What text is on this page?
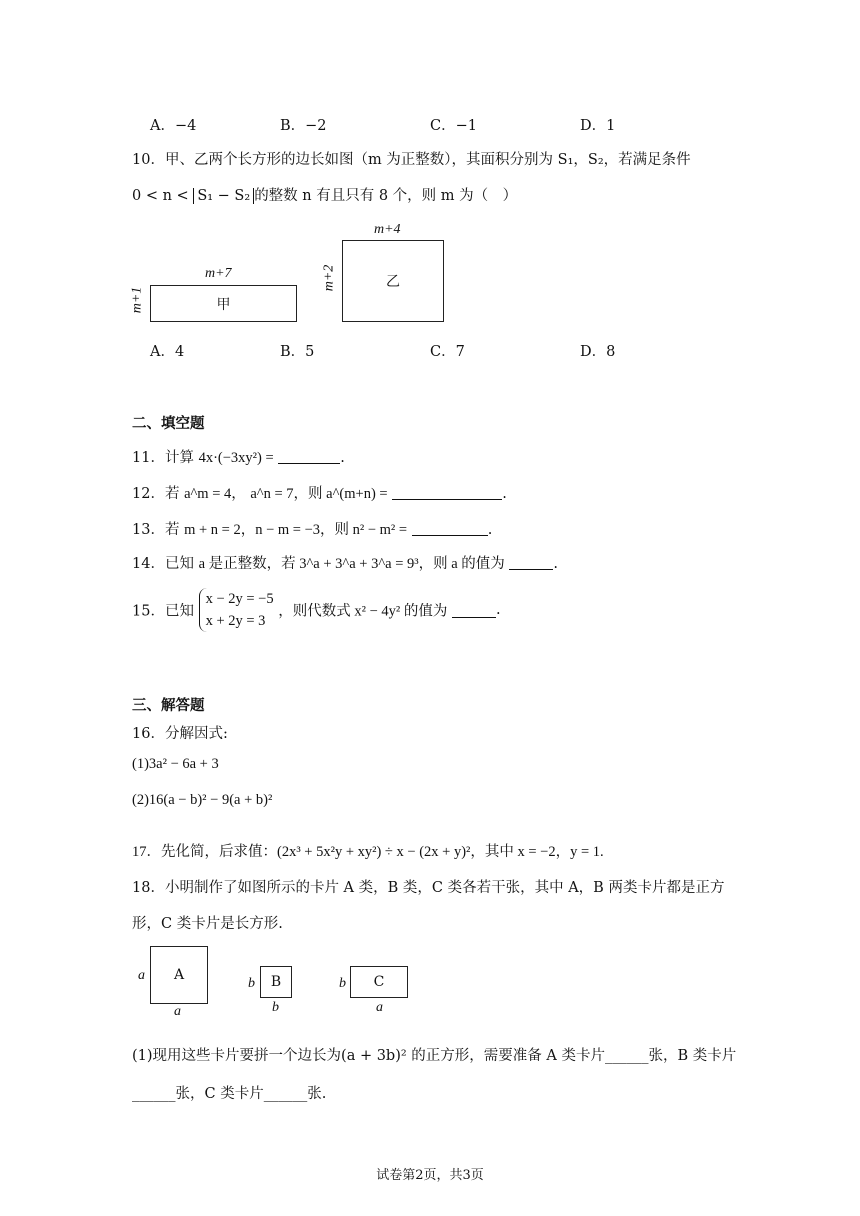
A．−4	B．−2	C．−1	D．1
10．甲、乙两个长方形的边长如图（m 为正整数），其面积分别为 S₁，S₂，若满足条件
0 < n < S₁ − S₂ 的整数 n 有且只有 8 个，则 m 为（　）
m+7
甲
m+1
m+4
乙
m+2
A．4	B．5	C．7	D．8
二、填空题
11．计算 4x·(−3xy²) =	.
12．若 a^m = 4， a^n = 7，则 a^(m+n) =	.
13．若 m + n = 2，n − m = −3，则 n² − m² =	.
14．已知 a 是正整数，若 3^a + 3^a + 3^a = 9³，则 a 的值为	.
15．已知 x − 2y = −5
x + 2y = 3 ，则代数式 x² − 4y² 的值为	.
三、解答题
16．分解因式:
(1)3a² − 6a + 3
(2)16(a − b)² − 9(a + b)²
17．先化简，后求值：(2x³ + 5x²y + xy²) ÷ x − (2x + y)²，其中 x = −2，y = 1.
18．小明制作了如图所示的卡片 A 类，B 类，C 类各若干张，其中 A，B 两类卡片都是正方
形，C 类卡片是长方形.
a	A
a
b	B
b
b	C
a
(1)现用这些卡片要拼一个边长为(a + 3b)² 的正方形，需要准备 A 类卡片______张，B 类卡片
______张，C 类卡片______张.
试卷第2页，共3页
